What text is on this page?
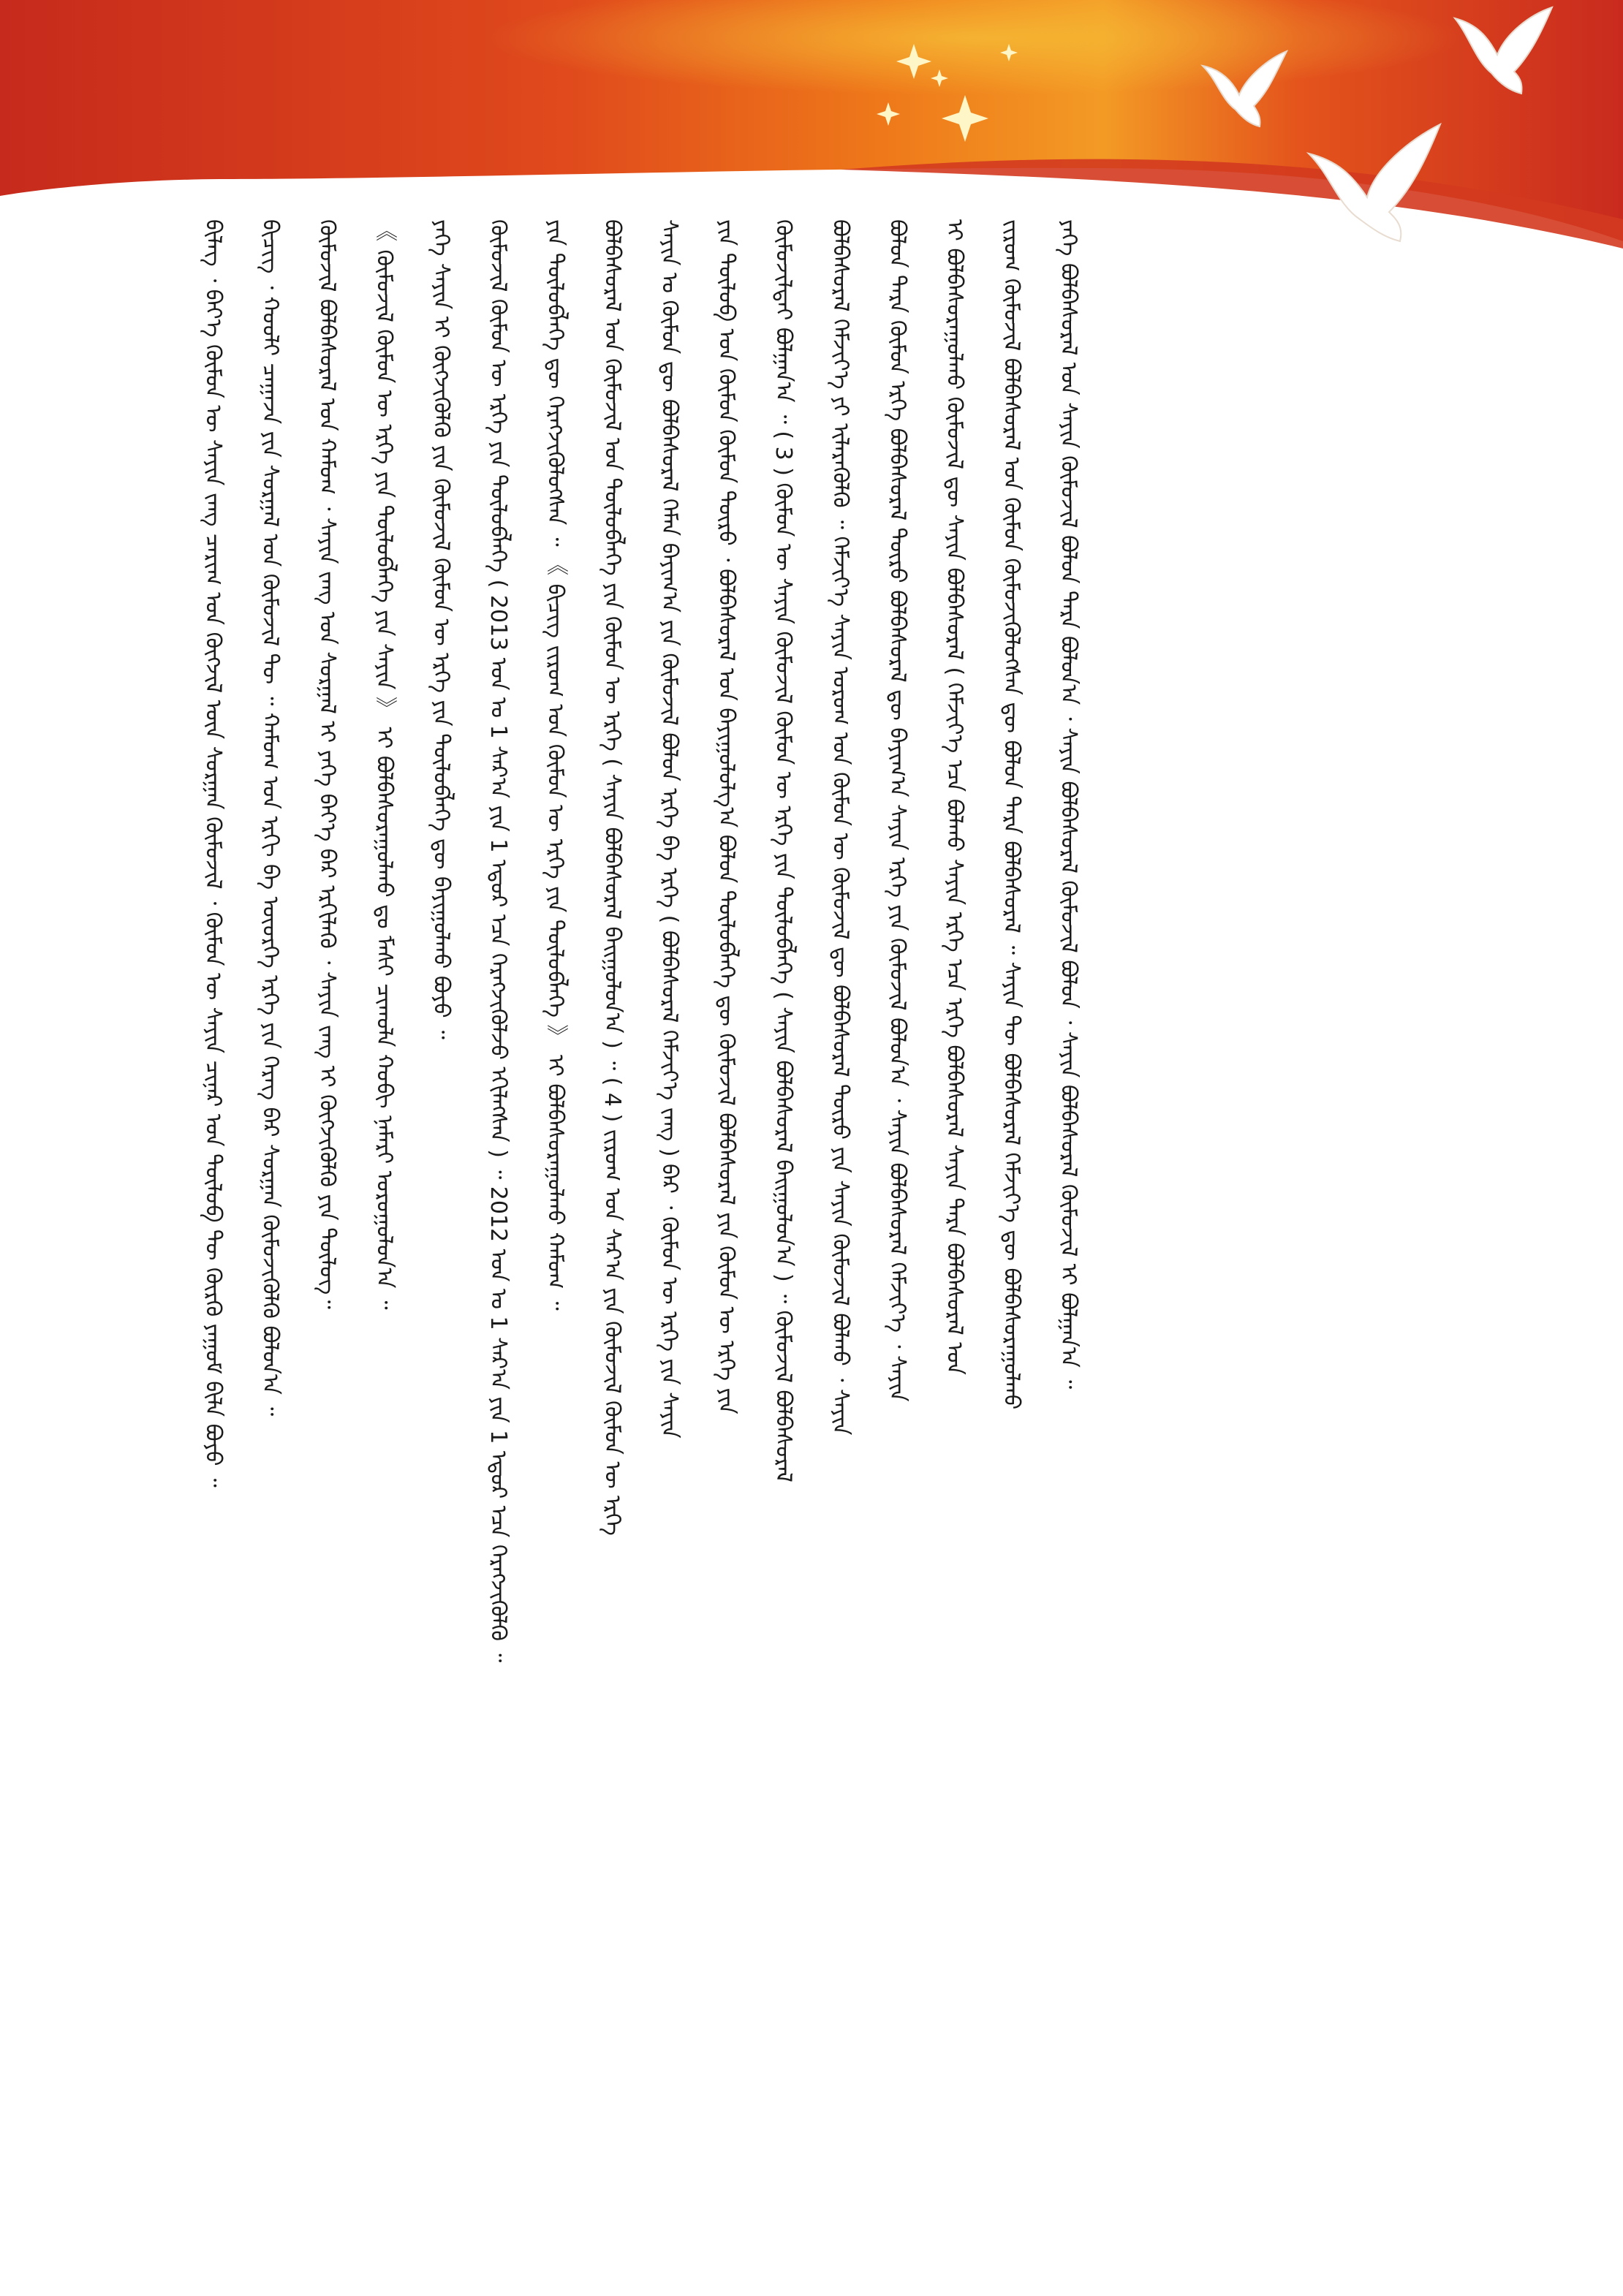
ᠪᠢᠯᠡᠭ᠌ ᠂ ᠪᠡᠶ᠎ᠡ ᠬᠦᠮᠦᠨ ᠦ ᠰᠠᠶᠢᠨ ᠵᠠᠩ ᠴᠠᠷᠢᠭ ᠤᠨ ᠬᠥᠭᠵᠢᠯ ᠦᠨ ᠰᠤᠷᠭᠠᠨ ᠬᠥᠮᠦᠵᠢᠯ ᠂ ᠬᠦᠮᠦᠨ ᠦ ᠰᠠᠶᠢᠨ ᠴᠢᠨᠠᠷ ᠤᠨ ᠲᠥᠯᠦᠪ ᠲᠦ ᠬᠦᠷᠬᠦ ᠶᠠᠭᠤᠮ ᠪᠢᠯᠡ ᠪᠤᠶᠤ ᠃ ᠪᠢᠴᠢᠭ᠌ ᠂ ᠬᠤᠤᠯᠢ ᠴᠠᠭᠠᠵᠠ ᠶᠢᠨ ᠰᠤᠷᠭᠠᠯ ᠤᠨ ᠬᠦᠮᠦᠵᠢᠯ ᠲᠦ ᠃ ᠬᠠᠮᠤᠭ ᠤᠨ ᠡᠷᠬᠢ ᠪᠠ ᠦᠦᠷᠭᠡ ᠡᠷᠬᠡ ᠶᠢᠨ ᠭᠡᠷᠡᠭ ᠪᠡᠷ ᠰᠤᠷᠭᠠᠨ ᠬᠦᠮᠦᠵᠢᠭᠦᠯᠬᠦ ᠪᠤᠯᠤᠨ᠎ᠠ ᠃ ᠬᠦᠮᠦᠵᠢᠯ ᠪᠣᠯᠪᠠᠰᠤᠷᠠᠯ ᠤᠨ ᠬᠠᠮᠤᠭ ᠂ ᠰᠠᠶᠢᠨ ᠵᠠᠩ ᠤᠨ ᠰᠤᠷᠭᠠᠯ ᠢ ᠶᠡᠬᠡ ᠪᠡᠶ᠎ᠡ ᠪᠡᠷ ᠡᠷᠬᠢᠯᠡᠬᠦ ᠂ ᠰᠠᠶᠢᠨ ᠵᠠᠩ ᠢ ᠬᠥᠭᠵᠢᠭᠦᠯᠬᠦ ᠶᠢᠨ ᠲᠥᠯᠦᠭ᠃ 《 ᠬᠦᠮᠦᠵᠢᠯ ᠬᠦᠮᠦᠨ ᠦ ᠡᠷᠬᠡ ᠶᠢᠨ ᠲᠥᠯᠦᠪᠯᠡᠭᠡ ᠶᠢᠨ ᠰᠠᠶᠢᠨ 》 ᠢ ᠪᠣᠯᠪᠠᠰᠤᠷᠠᠭᠤᠯᠬᠤ ᠳᠤ ᠮᠠᠰᠢ ᠴᠢᠬᠤᠯᠠ ᠬᠤᠪᠢ ᠨᠡᠮᠡᠷᠢ ᠤᠷᠤᠭᠤᠯᠤᠨ᠎ᠠ ᠃ ᠶᠡᠬᠡ ᠰᠠᠶᠢᠨ ᠢ ᠬᠥᠭᠵᠢᠭᠦᠯᠬᠦ ᠶᠢᠨ ᠬᠦᠮᠦᠵᠢᠯ ᠬᠦᠮᠦᠨ ᠦ ᠡᠷᠬᠡ ᠶᠢᠨ ᠲᠥᠯᠦᠪᠯᠡᠭᠡ ᠳᠦ ᠪᠠᠶᠢᠭᠤᠯᠬᠤ ᠪᠤᠶᠤ ᠃ ᠬᠦᠮᠦᠵᠢᠯ ᠬᠦᠮᠦᠨ ᠦ ᠡᠷᠬᠡ ᠶᠢᠨ ᠲᠥᠯᠦᠪᠯᠡᠭᠡ ( 2013 ᠣᠨ ᠤ 1 ᠰᠠᠷ᠎ᠠ ᠶᠢᠨ 1 ᠡᠳᠦᠷ ᠡᠴᠡ ᠬᠡᠷᠡᠭᠵᠢᠭᠦᠯᠵᠦ ᠡᠬᠢᠯᠡᠭᠰᠡᠨ ) ᠃ 2012 ᠣᠨ ᠤ 1 ᠰᠠᠷ᠎ᠠ ᠶᠢᠨ 1 ᠡᠳᠦᠷ ᠡᠴᠡ ᠬᠡᠷᠡᠭᠵᠢᠭᠦᠯᠬᠦ ᠃ ᠶᠢᠨ ᠲᠥᠯᠦᠪᠯᠡᠭᠡ ᠳᠦ ᠬᠡᠷᠡᠭᠵᠢᠭᠦᠯᠦᠭᠰᠡᠨ ᠃ 《 ᠪᠢᠴᠢᠭ ᠵᠢᠷᠤᠭ ᠤᠨ ᠬᠦᠮᠦᠨ ᠦ ᠡᠷᠬᠡ ᠶᠢᠨ ᠲᠥᠯᠦᠪᠯᠡᠭᠡ 》 ᠢ ᠪᠣᠯᠪᠠᠰᠤᠷᠠᠭᠤᠯᠬᠤ ᠬᠠᠮᠤᠭ ᠃ ᠪᠣᠯᠪᠠᠰᠤᠷᠠᠯ ᠤᠨ ᠬᠦᠮᠦᠵᠢᠯ ᠤᠨ ᠲᠥᠯᠦᠪᠯᠡᠭᠡ ᠶᠢᠨ ᠬᠦᠮᠦᠨ ᠦ ᠡᠷᠬᠡ ( ᠰᠠᠶᠢᠨ ᠪᠣᠯᠪᠠᠰᠤᠷᠠᠯ ᠪᠠᠢᠭᠤᠯᠤᠨ᠎ᠠ ) ᠃ ( 4 ) ᠵᠢᠷᠤᠭ ᠤᠨ ᠰᠠᠷ᠎ᠠ ᠶᠢᠨ ᠬᠦᠮᠦᠵᠢᠯ ᠬᠦᠮᠦᠨ ᠦ ᠡᠷᠬᠡ ᠰᠠᠶᠢᠨ ᠤ ᠬᠦᠮᠦᠨ ᠳᠦ ᠪᠣᠯᠪᠠᠰᠤᠷᠠᠯ ᠬᠡᠮᠡᠨ ᠪᠠᠶᠢᠭ᠎ᠠ ᠶᠢᠨ ᠬᠦᠮᠦᠵᠢᠯ ᠪᠣᠯᠤᠨ ᠡᠷᠬᠡ ᠪᠠ ᠡᠷᠬᠡ ( ᠪᠣᠯᠪᠠᠰᠤᠷᠠᠯ ᠬᠡᠮᠵᠢᠶ᠎ᠡ ᠵᠠᠩ ) ᠪᠡᠷ ᠂ ᠬᠦᠮᠦᠨ ᠦ ᠡᠷᠬᠡ ᠶᠢᠨ ᠰᠠᠶᠢᠨ ᠶᠢᠨ ᠲᠥᠯᠦᠪ ᠤᠨ ᠬᠦᠮᠦᠨ ᠬᠦᠮᠦᠨ ᠲᠥᠷᠦ ᠂ ᠪᠣᠯᠪᠠᠰᠤᠷᠠᠯ ᠤᠨ ᠪᠠᠶᠢᠭᠤᠯᠤᠯᠭ᠎ᠠ ᠪᠣᠯᠤᠨ ᠲᠥᠯᠦᠪᠯᠡᠭᠡ ᠳᠦ ᠬᠦᠮᠦᠵᠢᠯ ᠪᠣᠯᠪᠠᠰᠤᠷᠠᠯ ᠶᠢᠨ ᠬᠦᠮᠦᠨ ᠦ ᠡᠷᠬᠡ ᠶᠢᠨ ᠬᠦᠮᠦᠵᠢᠯᠲᠡᠢ ᠪᠣᠯᠭᠠᠨ᠎ᠠ ᠃ ( 3 ) ᠬᠦᠮᠦᠨ ᠦ ᠰᠠᠶᠢᠨ ᠬᠦᠮᠦᠵᠢᠯ ᠬᠦᠮᠦᠨ ᠦ ᠡᠷᠬᠡ ᠶᠢᠨ ᠲᠥᠯᠦᠪᠯᠡᠭᠡ ( ᠰᠠᠶᠢᠨ ᠪᠣᠯᠪᠠᠰᠤᠷᠠᠯ ᠪᠠᠢᠭᠤᠯᠤᠨ᠎ᠠ ) ᠃ ᠬᠦᠮᠦᠵᠢᠯ ᠪᠣᠯᠪᠠᠰᠤᠷᠠᠯ ᠪᠤᠯᠪᠠᠰᠤᠷᠠᠯ ᠬᠡᠮᠵᠢᠶ᠎ᠡ ᠶᠢ ᠢᠯᠡᠷᠡᠭᠦᠯᠬᠦ ᠃ ᠬᠡᠮᠵᠢᠶ᠎ᠡ ᠰᠠᠶᠢᠨ ᠤᠷᠤᠭ ᠤᠨ ᠬᠦᠮᠦᠨ ᠦ ᠬᠦᠮᠦᠵᠢᠯ ᠳᠦ ᠪᠣᠯᠪᠠᠰᠤᠷᠠᠯ ᠲᠥᠷᠦ ᠶᠢᠨ ᠰᠠᠶᠢᠨ ᠬᠦᠮᠦᠵᠢᠯ ᠪᠣᠯᠬᠤ ᠂ ᠰᠠᠶᠢᠨ ᠪᠣᠯᠤᠨ ᠲᠡᠷᠡ ᠬᠦᠮᠦᠨ ᠡᠷᠬᠡ ᠪᠣᠯᠪᠠᠰᠤᠷᠠᠯ ᠲᠥᠷᠦ ᠪᠣᠯᠪᠠᠰᠤᠷᠠᠯ ᠳᠦ ᠪᠠᠶᠢᠭ᠎ᠠ ᠰᠠᠶᠢᠨ ᠡᠷᠬᠡ ᠶᠢᠨ ᠬᠦᠮᠦᠵᠢᠯ ᠪᠣᠯᠤᠨ᠎ᠠ ᠂ ᠰᠠᠶᠢᠨ ᠪᠣᠯᠪᠠᠰᠤᠷᠠᠯ ᠬᠡᠮᠵᠢᠶ᠎ᠡ ᠂ ᠰᠠᠶᠢᠨ ᠢ ᠪᠣᠯᠪᠠᠰᠤᠷᠠᠭᠤᠯᠬᠤ ᠬᠦᠮᠦᠵᠢᠯ ᠳᠦ ᠰᠠᠶᠢᠨ ᠪᠣᠯᠪᠠᠰᠤᠷᠠᠯ ( ᠬᠡᠮᠵᠢᠶ᠎ᠡ ᠡᠴᠡ ᠪᠣᠯᠬᠤ ᠰᠠᠶᠢᠨ ᠡᠷᠬᠡ ᠡᠴᠡ ᠡᠷᠬᠡ ᠪᠣᠯᠪᠠᠰᠤᠷᠠᠯ ᠰᠠᠶᠢᠨ ᠲᠡᠷᠡ ᠪᠣᠯᠪᠠᠰᠤᠷᠠᠯ ᠤᠨ ᠵᠢᠷᠤᠭ ᠬᠦᠮᠦᠵᠢᠯ ᠪᠣᠯᠪᠠᠰᠤᠷᠠᠯ ᠤᠨ ᠬᠦᠮᠦᠨ ᠬᠦᠮᠦᠵᠢᠭᠦᠯᠦᠭᠰᠡᠨ ᠳᠦ ᠪᠣᠯᠤᠨ ᠲᠡᠷᠡ ᠪᠣᠯᠪᠠᠰᠤᠷᠠᠯ ᠃ ᠰᠠᠶᠢᠨ ᠲᠦ ᠪᠣᠯᠪᠠᠰᠤᠷᠠᠯ ᠬᠡᠮᠵᠢᠶ᠎ᠡ ᠳᠦ ᠪᠣᠯᠪᠠᠰᠤᠷᠠᠭᠤᠯᠬᠤ ᠶᠡᠬᠡ ᠪᠣᠯᠪᠠᠰᠤᠷᠠᠯ ᠤᠨ ᠰᠠᠶᠢᠨ ᠬᠦᠮᠦᠵᠢᠯ ᠪᠣᠯᠤᠨ ᠲᠡᠷᠡ ᠪᠣᠯᠤᠨ᠎ᠠ ᠂ ᠰᠠᠶᠢᠨ ᠪᠣᠯᠪᠠᠰᠤᠷᠠᠯ ᠬᠦᠮᠦᠵᠢᠯ ᠪᠣᠯᠤᠨ ᠂ ᠰᠠᠶᠢᠨ ᠪᠣᠯᠪᠠᠰᠤᠷᠠᠯ ᠬᠦᠮᠦᠵᠢᠯ ᠢ ᠪᠣᠯᠭᠠᠨ᠎ᠠ ᠃
